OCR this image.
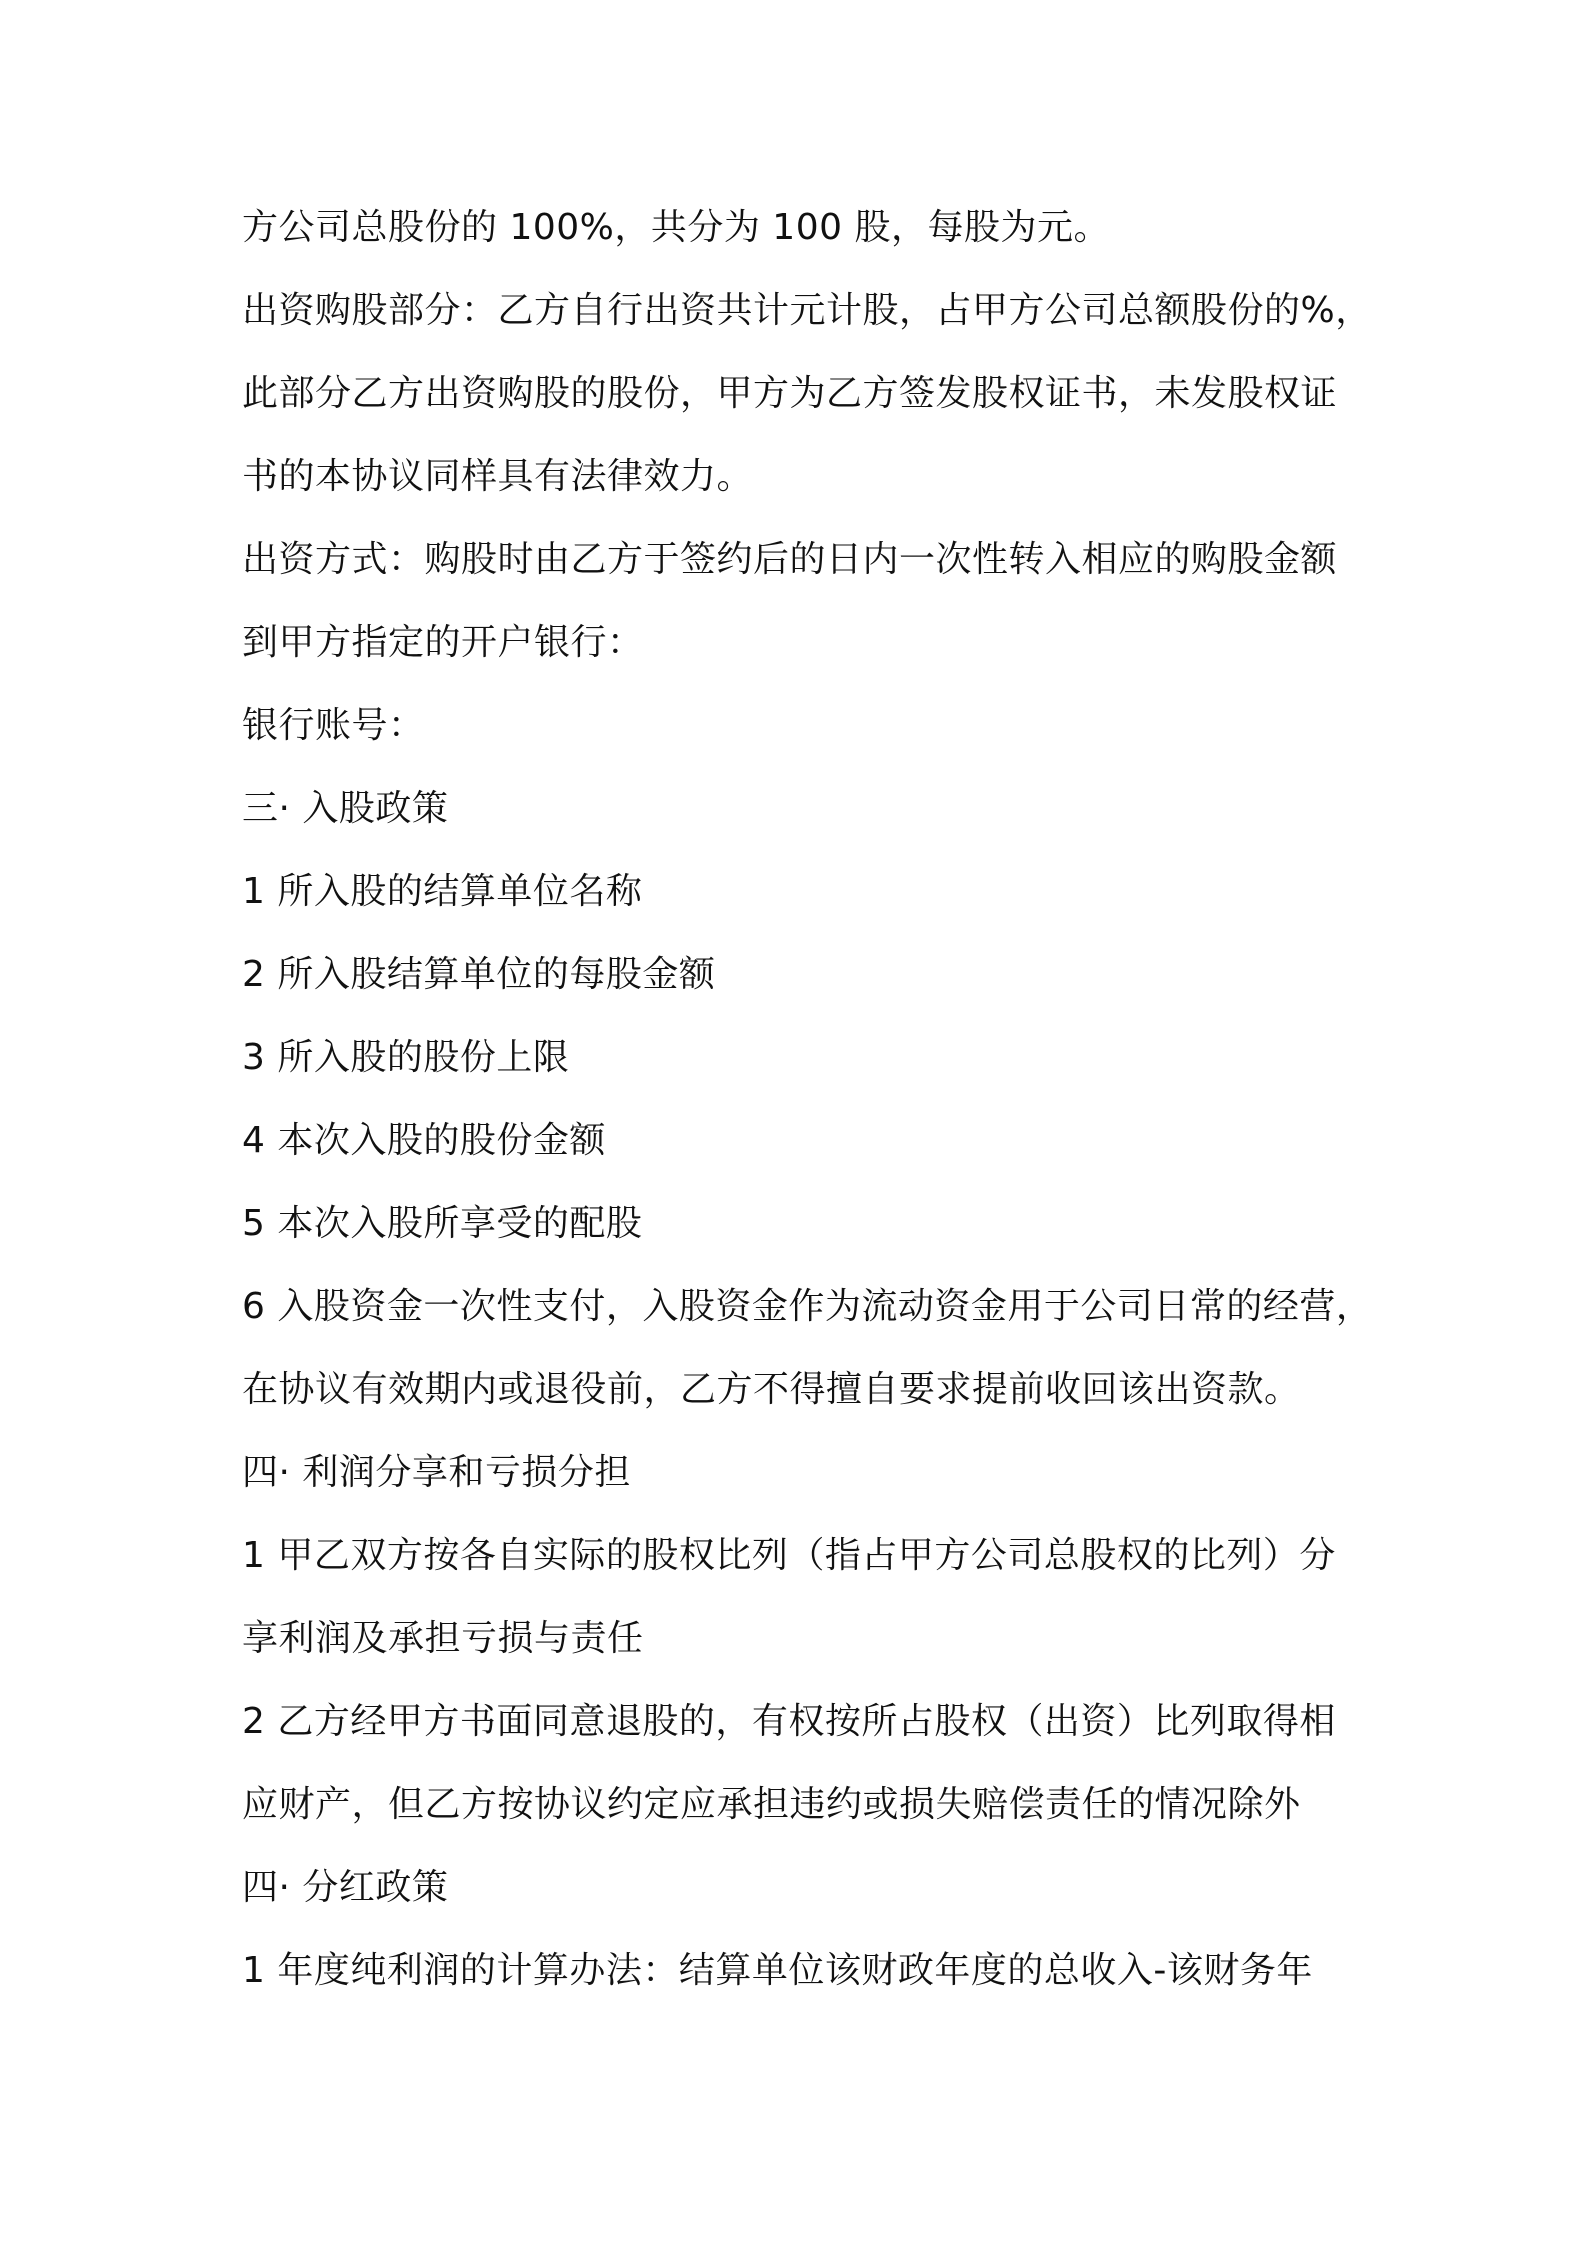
方公司总股份的 100%，共分为 100 股，每股为元。
出资购股部分：乙方自行出资共计元计股，占甲方公司总额股份的%，
此部分乙方出资购股的股份，甲方为乙方签发股权证书，未发股权证
书的本协议同样具有法律效力。
出资方式：购股时由乙方于签约后的日内一次性转入相应的购股金额
到甲方指定的开户银行：
银行账号：
三· 入股政策
1 所入股的结算单位名称
2 所入股结算单位的每股金额
3 所入股的股份上限
4 本次入股的股份金额
5 本次入股所享受的配股
6 入股资金一次性支付，入股资金作为流动资金用于公司日常的经营，
在协议有效期内或退役前，乙方不得擅自要求提前收回该出资款。
四· 利润分享和亏损分担
1 甲乙双方按各自实际的股权比列（指占甲方公司总股权的比列）分
享利润及承担亏损与责任
2 乙方经甲方书面同意退股的，有权按所占股权（出资）比列取得相
应财产，但乙方按协议约定应承担违约或损失赔偿责任的情况除外
四· 分红政策
1 年度纯利润的计算办法：结算单位该财政年度的总收入-该财务年
